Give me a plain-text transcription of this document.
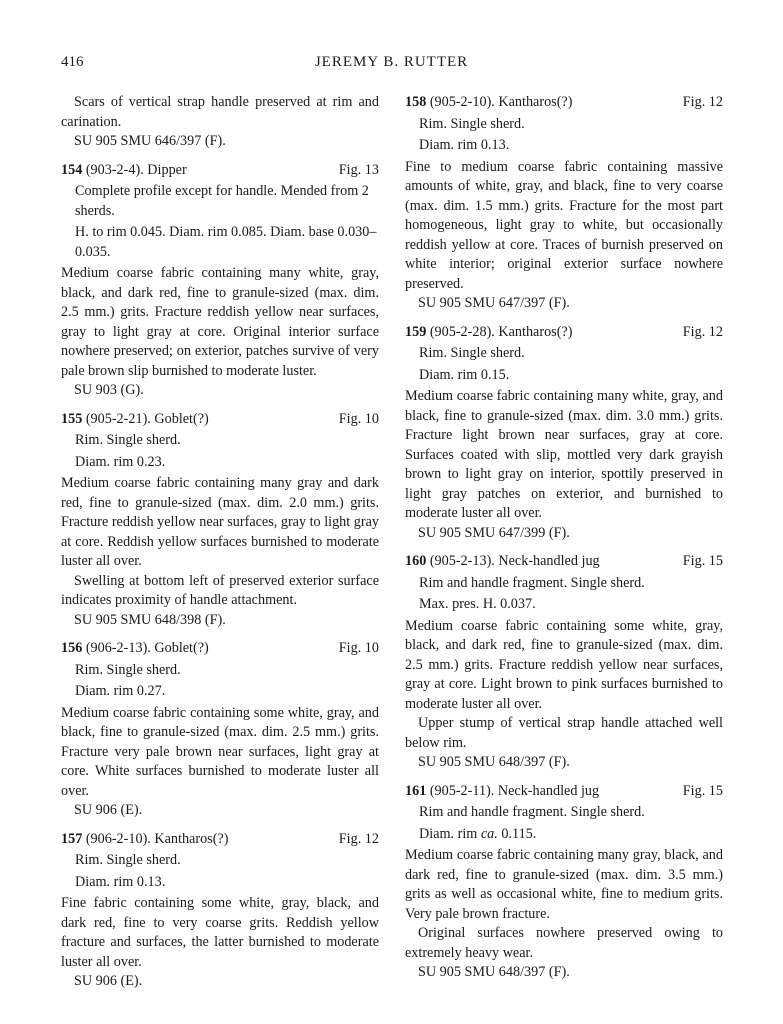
416	JEREMY B. RUTTER

Scars of vertical strap handle preserved at rim and carination.

SU 905 SMU 646/397 (F).

154 (903-2-4). Dipper	Fig. 13

Complete profile except for handle. Mended from 2 sherds.

H. to rim 0.045. Diam. rim 0.085. Diam. base 0.030–0.035.

Medium coarse fabric containing many white, gray, black, and dark red, fine to granule-sized (max. dim. 2.5 mm.) grits. Fracture reddish yellow near surfaces, gray to light gray at core. Original interior surface nowhere preserved; on exterior, patches survive of very pale brown slip burnished to moderate luster.

SU 903 (G).

155 (905-2-21). Goblet(?)	Fig. 10

Rim. Single sherd.

Diam. rim 0.23.

Medium coarse fabric containing many gray and dark red, fine to granule-sized (max. dim. 2.0 mm.) grits. Fracture reddish yellow near surfaces, gray to light gray at core. Reddish yellow surfaces burnished to moderate luster all over.

Swelling at bottom left of preserved exterior surface indicates proximity of handle attachment.

SU 905 SMU 648/398 (F).

156 (906-2-13). Goblet(?)	Fig. 10

Rim. Single sherd.

Diam. rim 0.27.

Medium coarse fabric containing some white, gray, and black, fine to granule-sized (max. dim. 2.5 mm.) grits. Fracture very pale brown near surfaces, light gray at core. White surfaces burnished to moderate luster all over.

SU 906 (E).

157 (906-2-10). Kantharos(?)	Fig. 12

Rim. Single sherd.

Diam. rim 0.13.

Fine fabric containing some white, gray, black, and dark red, fine to very coarse grits. Reddish yellow fracture and surfaces, the latter burnished to moderate luster all over.

SU 906 (E).

158 (905-2-10). Kantharos(?)	Fig. 12

Rim. Single sherd.

Diam. rim 0.13.

Fine to medium coarse fabric containing massive amounts of white, gray, and black, fine to very coarse (max. dim. 1.5 mm.) grits. Fracture for the most part homogeneous, light gray to white, but occasionally reddish yellow at core. Traces of burnish preserved on white interior; original exterior surface nowhere preserved.

SU 905 SMU 647/397 (F).

159 (905-2-28). Kantharos(?)	Fig. 12

Rim. Single sherd.

Diam. rim 0.15.

Medium coarse fabric containing many white, gray, and black, fine to granule-sized (max. dim. 3.0 mm.) grits. Fracture light brown near surfaces, gray at core. Surfaces coated with slip, mottled very dark grayish brown to light gray on interior, spottily preserved in light gray patches on exterior, and burnished to moderate luster all over.

SU 905 SMU 647/399 (F).

160 (905-2-13). Neck-handled jug	Fig. 15

Rim and handle fragment. Single sherd.

Max. pres. H. 0.037.

Medium coarse fabric containing some white, gray, black, and dark red, fine to granule-sized (max. dim. 2.5 mm.) grits. Fracture reddish yellow near surfaces, gray at core. Light brown to pink surfaces burnished to moderate luster all over.

Upper stump of vertical strap handle attached well below rim.

SU 905 SMU 648/397 (F).

161 (905-2-11). Neck-handled jug	Fig. 15

Rim and handle fragment. Single sherd.

Diam. rim ca. 0.115.

Medium coarse fabric containing many gray, black, and dark red, fine to granule-sized (max. dim. 3.5 mm.) grits as well as occasional white, fine to medium grits. Very pale brown fracture.

Original surfaces nowhere preserved owing to extremely heavy wear.

SU 905 SMU 648/397 (F).
